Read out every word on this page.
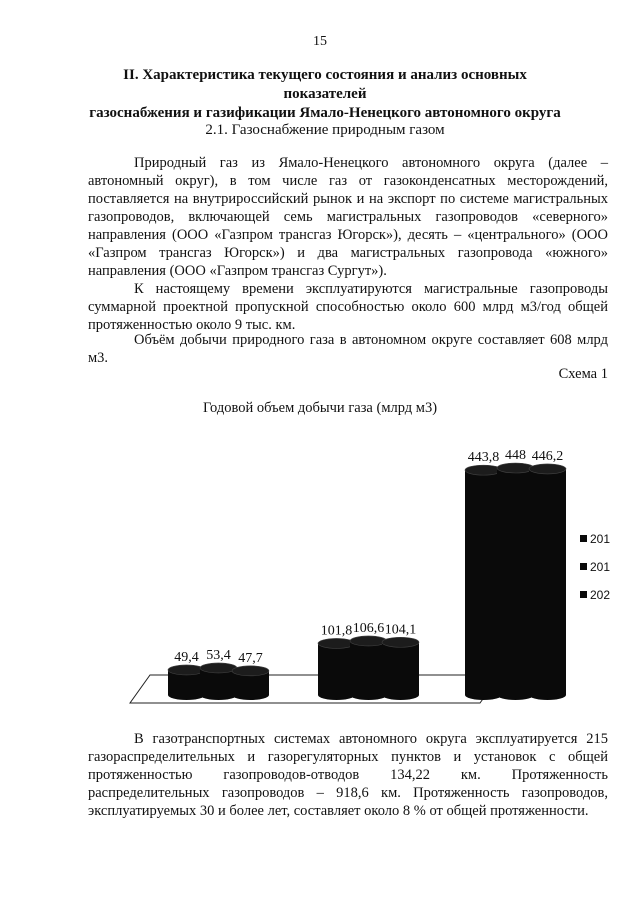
15
II. Характеристика текущего состояния и анализ основных показателей
газоснабжения и газификации Ямало-Ненецкого автономного округа
2.1. Газоснабжение природным газом

Природный газ из Ямало-Ненецкого автономного округа (далее – автономный округ), в том числе газ от газоконденсатных месторождений, поставляется на внутрироссийский рынок и на экспорт по системе магистральных газопроводов, включающей семь магистральных газопроводов «северного» направления (ООО «Газпром трансгаз Югорск»), десять – «центрального» (ООО «Газпром трансгаз Югорск») и два магистральных газопровода «южного» направления (ООО «Газпром трансгаз Сургут»).

К настоящему времени эксплуатируются магистральные газопроводы суммарной проектной пропускной способностью около 600 млрд м3/год общей протяженностью около 9 тыс. км.

Объём добычи природного газа в автономном округе составляет 608 млрд м3.

Схема 1
Годовой объем добычи газа (млрд м3)
49,4 53,4 47,7
101,8 106,6 104,1
443,8 448 446,2
201
201
202

В газотранспортных системах автономного округа эксплуатируется 215 газораспределительных и газорегуляторных пунктов и установок с общей протяженностью газопроводов-отводов 134,22 км. Протяженность распределительных газопроводов – 918,6 км. Протяженность газопроводов, эксплуатируемых 30 и более лет, составляет около 8 % от общей протяженности.
